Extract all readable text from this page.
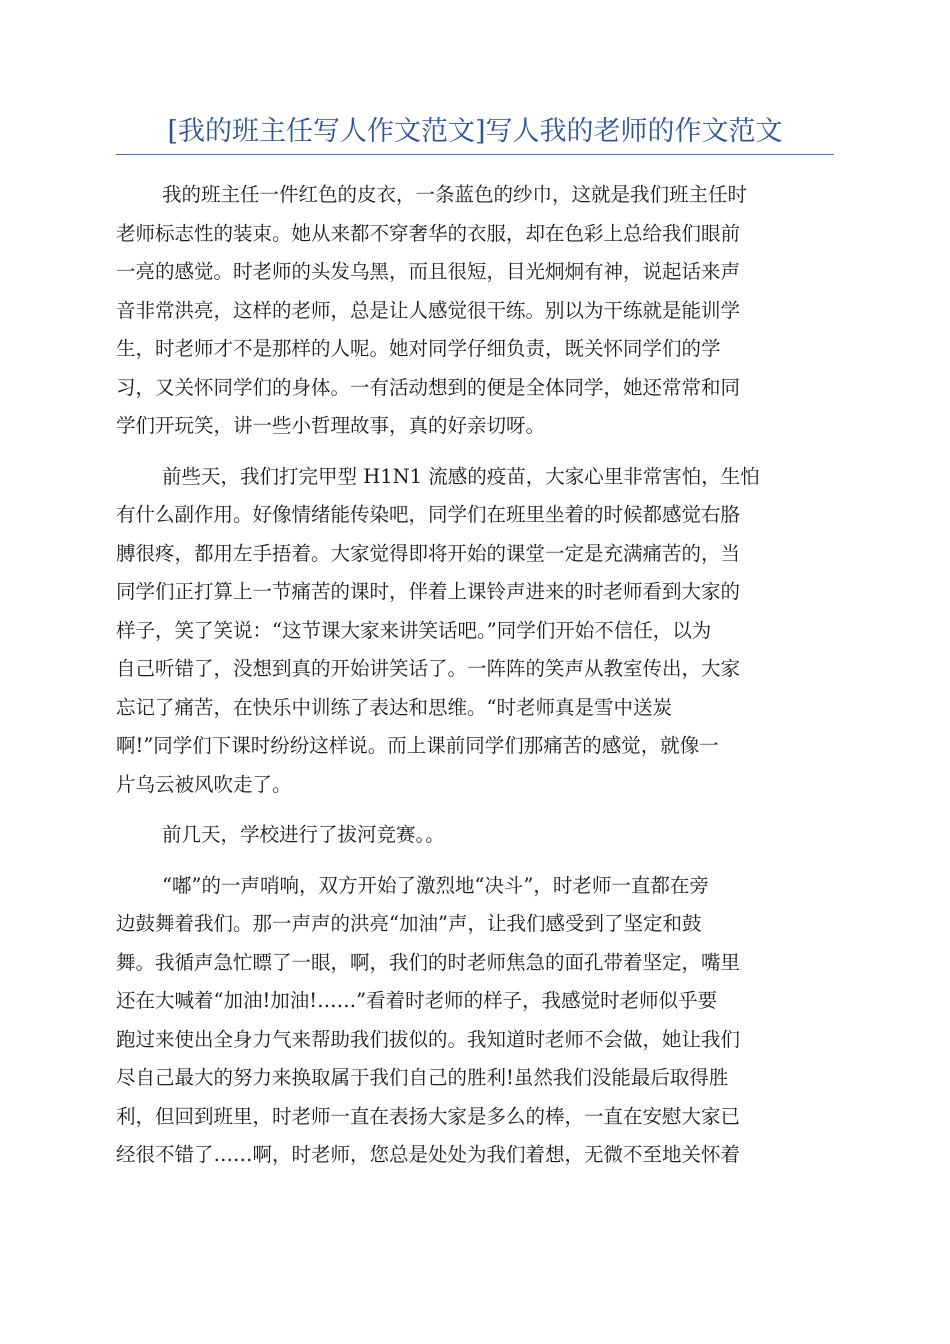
[我的班主任写人作文范文]写人我的老师的作文范文
我的班主任一件红色的皮衣，一条蓝色的纱巾，这就是我们班主任时
老师标志性的装束。她从来都不穿奢华的衣服，却在色彩上总给我们眼前
一亮的感觉。时老师的头发乌黑，而且很短，目光炯炯有神，说起话来声
音非常洪亮，这样的老师，总是让人感觉很干练。别以为干练就是能训学
生，时老师才不是那样的人呢。她对同学仔细负责，既关怀同学们的学
习，又关怀同学们的身体。一有活动想到的便是全体同学，她还常常和同
学们开玩笑，讲一些小哲理故事，真的好亲切呀。
前些天，我们打完甲型 H1N1 流感的疫苗，大家心里非常害怕，生怕
有什么副作用。好像情绪能传染吧，同学们在班里坐着的时候都感觉右胳
膊很疼，都用左手捂着。大家觉得即将开始的课堂一定是充满痛苦的，当
同学们正打算上一节痛苦的课时，伴着上课铃声进来的时老师看到大家的
样子，笑了笑说：“这节课大家来讲笑话吧。”同学们开始不信任，以为
自己听错了，没想到真的开始讲笑话了。一阵阵的笑声从教室传出，大家
忘记了痛苦，在快乐中训练了表达和思维。“时老师真是雪中送炭
啊!”同学们下课时纷纷这样说。而上课前同学们那痛苦的感觉，就像一
片乌云被风吹走了。
前几天，学校进行了拔河竞赛。。
“嘟”的一声哨响，双方开始了激烈地“决斗”，时老师一直都在旁
边鼓舞着我们。那一声声的洪亮“加油”声，让我们感受到了坚定和鼓
舞。我循声急忙瞟了一眼，啊，我们的时老师焦急的面孔带着坚定，嘴里
还在大喊着“加油!加油!……”看着时老师的样子，我感觉时老师似乎要
跑过来使出全身力气来帮助我们拔似的。我知道时老师不会做，她让我们
尽自己最大的努力来换取属于我们自己的胜利!虽然我们没能最后取得胜
利，但回到班里，时老师一直在表扬大家是多么的棒，一直在安慰大家已
经很不错了……啊，时老师，您总是处处为我们着想，无微不至地关怀着
